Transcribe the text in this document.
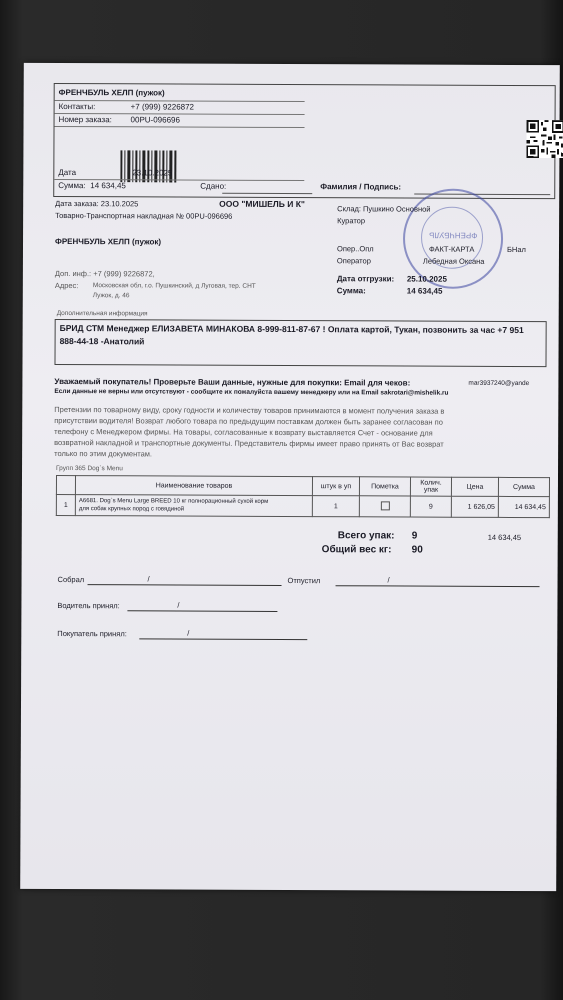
ФРЕНЧБУЛЬ ХЕЛП (пужок)
Контакты:	+7 (999) 9226872
Номер заказа: 00PU-096696
Дата	23.10.2025
Сумма: 14 634,45	Сдано:	Фамилия / Подпись:
ФРЕНЧБУЛЬ
Дата заказа: 23.10.2025	ООО "МИШЕЛЬ И К"
Товарно-Транспортная накладная № 00PU-096696
Склад: Пушкино Основной
Куратор
ФРЕНЧБУЛЬ ХЕЛП (пужок)
Опер..Опл	ФАКТ-КАРТА	БНал
Оператор	Лебедная Оксана
Доп. инф.: +7 (999) 9226872,
Адрес: Московская обл, г.о. Пушкинский, д Луговая, тер. СНТ
Лужок, д. 46
Дата отгрузки: 25.10.2025
Сумма:	14 634,45
Дополнительная информация
БРИД СТМ Менеджер ЕЛИЗАВЕТА МИНАКОВА 8-999-811-87-67 ! Оплата картой, Тукан, позвонить за час +7 951 888-44-18 -Анатолий
Уважаемый покупатель! Проверьте Ваши данные, нужные для покупки: Email для чеков:	mar3937240@yande
Если данные не верны или отсутствуют - сообщите их пожалуйста вашему менеджеру или на Email sakrotari@mishelik.ru
Претензии по товарному виду, сроку годности и количеству товаров принимаются в момент получения заказа в
присутствии водителя! Возврат любого товара по предыдущим поставкам должен быть заранее согласован по
телефону с Менеджером фирмы. На товары, согласованные к возврату выставляется Счет - основание для
возвратной накладной и транспортные документы. Представитель фирмы имеет право принять от Вас возврат
только по этим документам.
Групп 365 Dog`s Menu
	Наименование товаров	штук в уп	Пометка	Колич. упак	Цена	Сумма
1	А6681. Dog`s Menu Large BREED 10 кг полнорационный сухой корм
для собак крупных пород с говядиной	1		9	1 626,05	14 634,45
Всего упак: 9	14 634,45
Общий вес кг: 90
Собрал	/	Отпустил	/
Водитель принял:	/
Покупатель принял:	/
